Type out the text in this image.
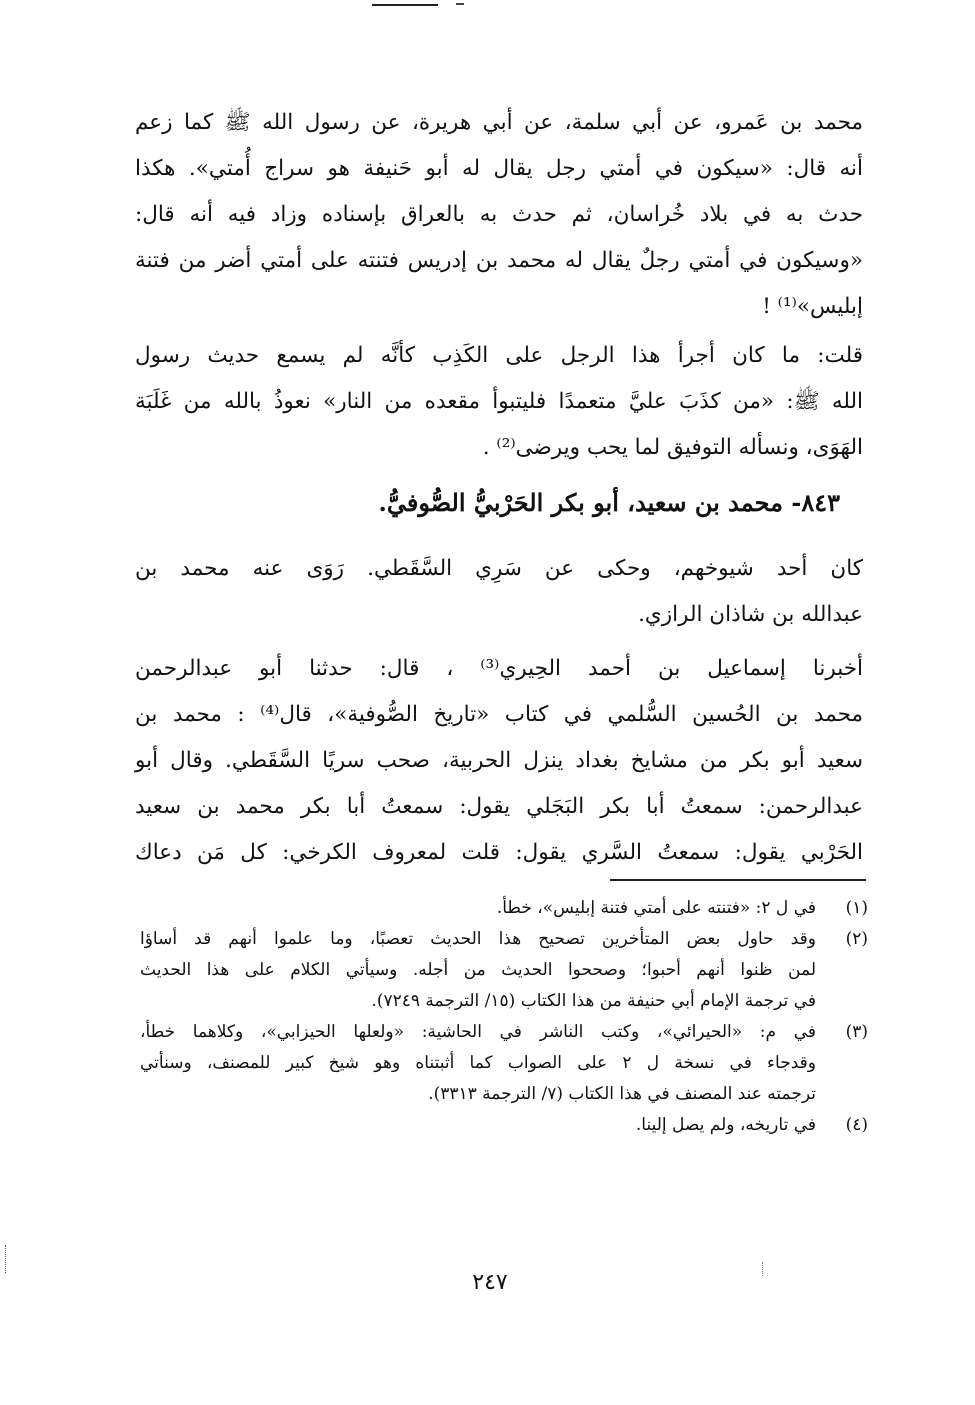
محمد بن عَمرو، عن أبي سلمة، عن أبي هريرة، عن رسول الله ﷺ كما زعم
أنه قال: «سيكون في أمتي رجل يقال له أبو حَنيفة هو سراج أُمتي». هكذا
حدث به في بلاد خُراسان، ثم حدث به بالعراق بإسناده وزاد فيه أنه قال:
«وسيكون في أمتي رجلٌ يقال له محمد بن إدريس فتنته على أمتي أضر من فتنة
إبليس»⁽¹⁾ !
قلت: ما كان أجرأ هذا الرجل على الكَذِب كأنَّه لم يسمع حديث رسول
الله ﷺ: «من كذَبَ عليَّ متعمدًا فليتبوأ مقعده من النار» نعوذُ بالله من غَلَبَة
الهَوَى، ونسأله التوفيق لما يحب ويرضى⁽²⁾ .
٨٤٣- محمد بن سعيد، أبو بكر الحَرْبيُّ الصُّوفيُّ.
كان أحد شيوخهم، وحكى عن سَرِي السَّقَطي. رَوَى عنه محمد بن
عبدالله بن شاذان الرازي.
أخبرنا إسماعيل بن أحمد الحِيري⁽³⁾ ، قال: حدثنا أبو عبدالرحمن
محمد بن الحُسين السُّلمي في كتاب «تاريخ الصُّوفية»، قال⁽⁴⁾ : محمد بن
سعيد أبو بكر من مشايخ بغداد ينزل الحربية، صحب سريًا السَّقَطي. وقال أبو
عبدالرحمن: سمعتُ أبا بكر البَجَلي يقول: سمعتُ أبا بكر محمد بن سعيد
الحَرْبي يقول: سمعتُ السَّري يقول: قلت لمعروف الكرخي: كل مَن دعاك
(١)
في ل ٢: «فتنته على أمتي فتنة إبليس»، خطأ.
(٢)
وقد حاول بعض المتأخرين تصحيح هذا الحديث تعصبًا، وما علموا أنهم قد أساؤا
لمن ظنوا أنهم أحبوا؛ وصححوا الحديث من أجله. وسيأتي الكلام على هذا الحديث
في ترجمة الإمام أبي حنيفة من هذا الكتاب (١٥/ الترجمة ٧٢٤٩).
(٣)
في م: «الحيرائي»، وكتب الناشر في الحاشية: «ولعلها الحيزابي»، وكلاهما خطأ،
وقدجاء في نسخة ل ٢ على الصواب كما أثبتناه وهو شيخ كبير للمصنف، وسنأتي
ترجمته عند المصنف في هذا الكتاب (٧/ الترجمة ٣٣١٣).
(٤)
في تاريخه، ولم يصل إلينا.
٢٤٧
